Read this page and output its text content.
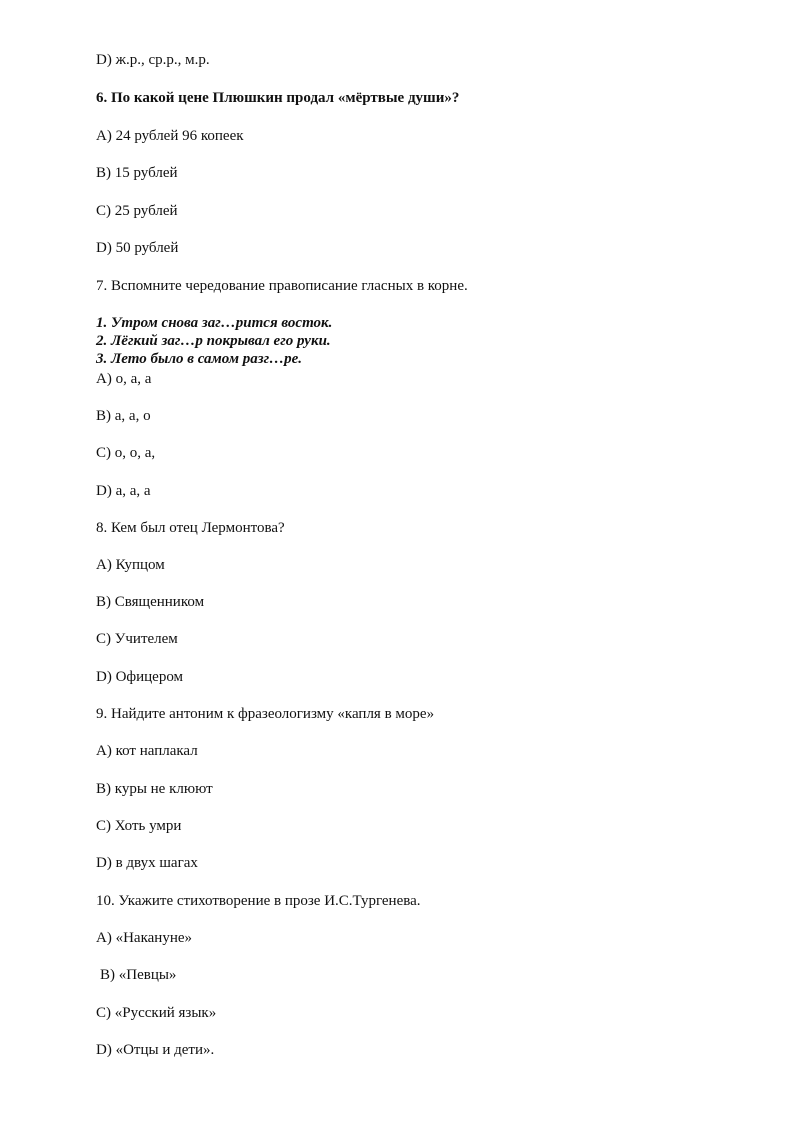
D) ж.р., ср.р., м.р.
6. По какой цене Плюшкин продал «мёртвые души»?
A) 24 рублей 96 копеек
B) 15 рублей
C) 25 рублей
D) 50 рублей
7. Вспомните чередование правописание гласных в корне.
1. Утром снова заг…рится восток.
2. Лёгкий заг…р покрывал его руки.
3. Лето было в самом разг…ре.
A) о, а, а
B) а, а, о
C) о, о, а,
D) а, а, а
8. Кем был отец Лермонтова?
A) Купцом
B) Священником
C) Учителем
D) Офицером
9. Найдите антоним к фразеологизму «капля в море»
A) кот наплакал
B) куры не клюют
C) Хоть умри
D) в двух шагах
10. Укажите стихотворение в прозе И.С.Тургенева.
A) «Накануне»
B) «Певцы»
C) «Русский язык»
D) «Отцы и дети».
